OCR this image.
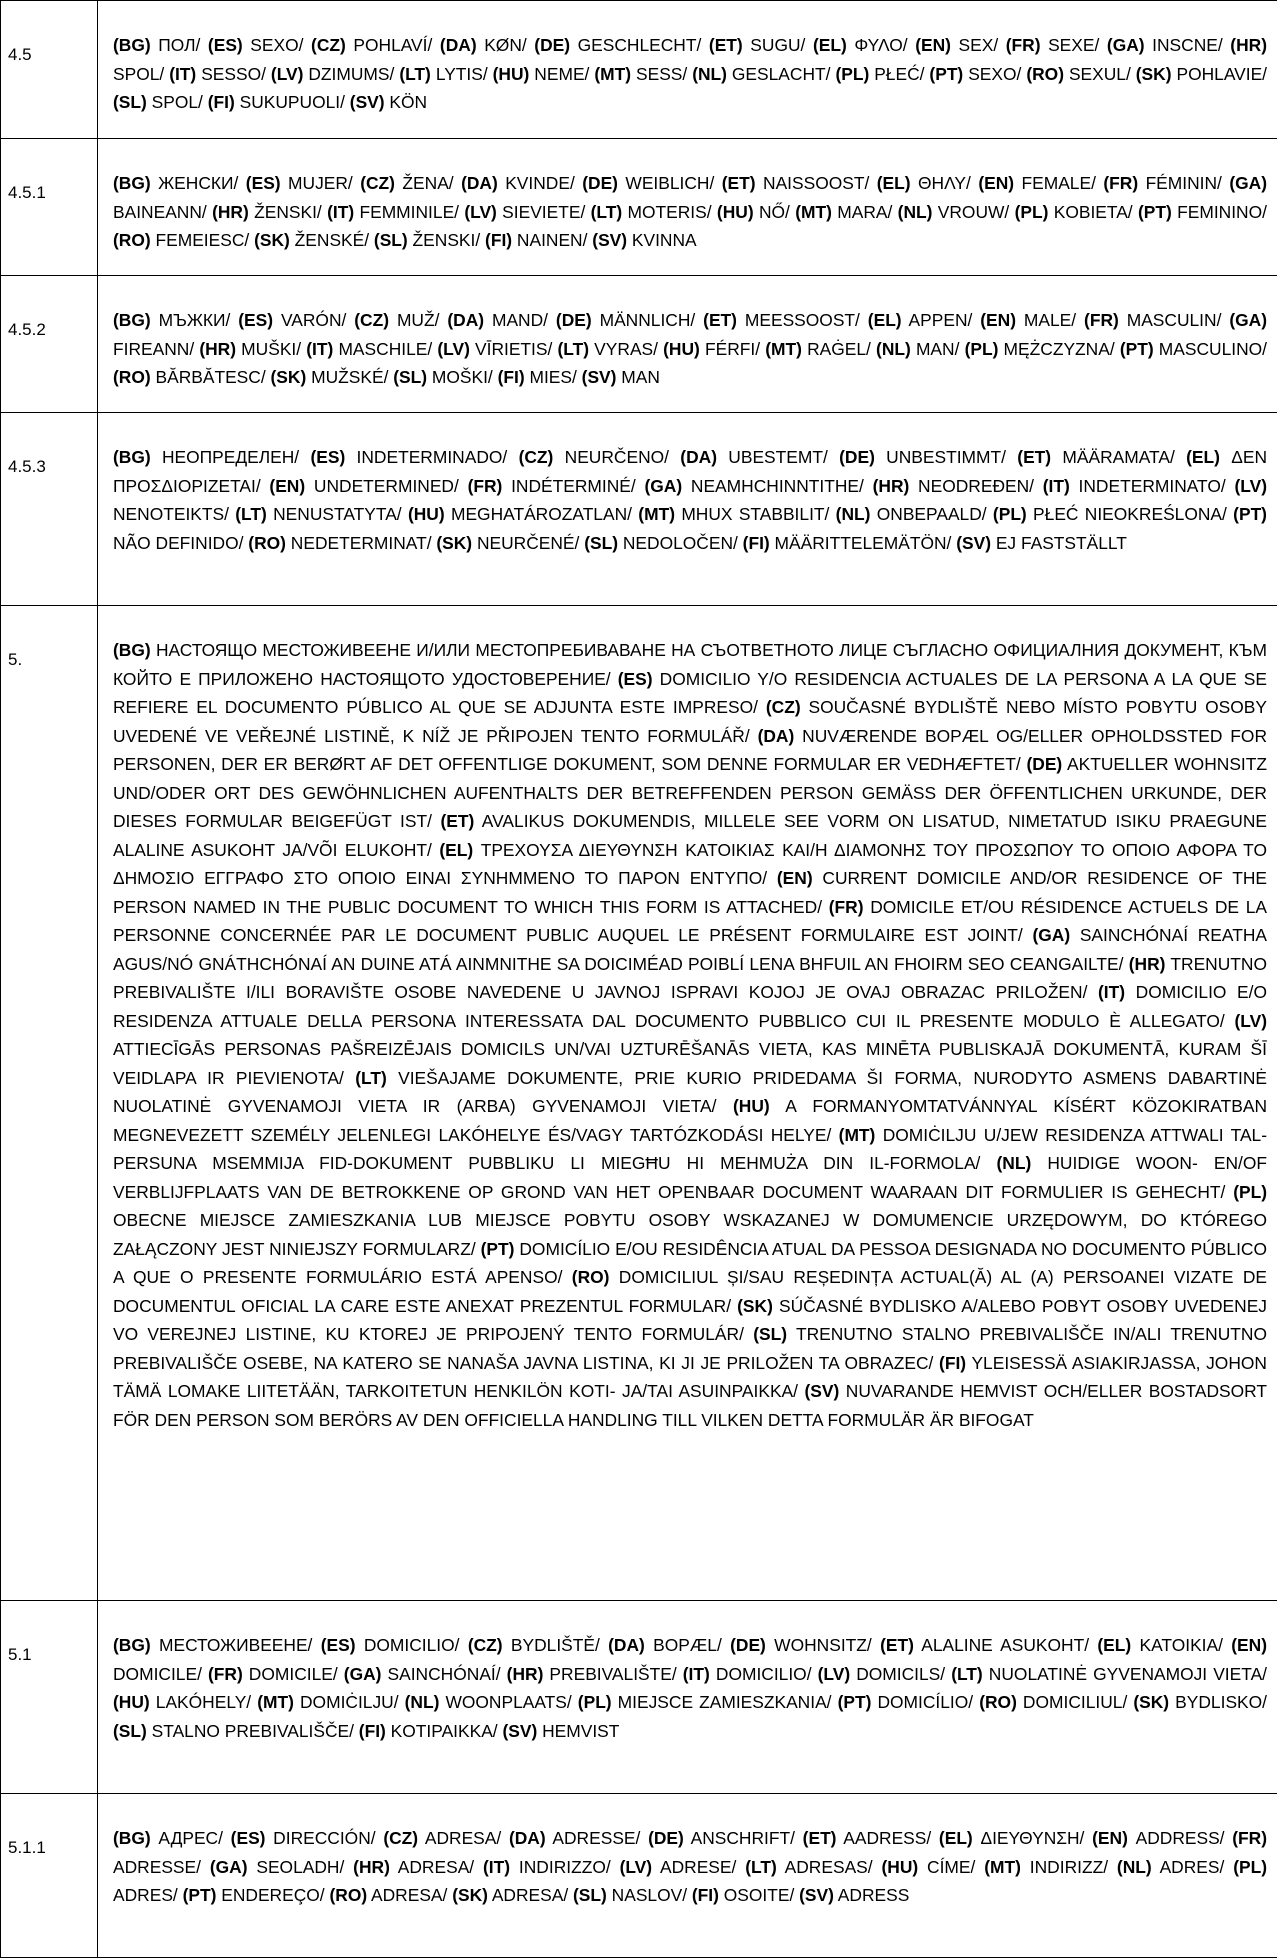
4.5	(BG) ПОЛ/ (ES) SEXO/ (CZ) POHLAVÍ/ (DA) KØN/ (DE) GESCHLECHT/ (ET) SUGU/ (EL) ΦΥΛΟ/ (EN) SEX/ (FR) SEXE/ (GA) INSCNE/ (HR) SPOL/ (IT) SESSO/ (LV) DZIMUMS/ (LT) LYTIS/ (HU) NEME/ (MT) SESS/ (NL) GESLACHT/ (PL) PŁEĆ/ (PT) SEXO/ (RO) SEXUL/ (SK) POHLAVIE/ (SL) SPOL/ (FI) SUKUPUOLI/ (SV) KÖN
4.5.1	(BG) ЖЕНСКИ/ (ES) MUJER/ (CZ) ŽENA/ (DA) KVINDE/ (DE) WEIBLICH/ (ET) NAISSOOST/ (EL) ΘΗΛΥ/ (EN) FEMALE/ (FR) FÉMININ/ (GA) BAINEANN/ (HR) ŽENSKI/ (IT) FEMMINILE/ (LV) SIEVIETE/ (LT) MOTERIS/ (HU) NŐ/ (MT) MARA/ (NL) VROUW/ (PL) KOBIETA/ (PT) FEMININO/ (RO) FEMEIESC/ (SK) ŽENSKÉ/ (SL) ŽENSKI/ (FI) NAINEN/ (SV) KVINNA
4.5.2	(BG) МЪЖКИ/ (ES) VARÓN/ (CZ) MUŽ/ (DA) MAND/ (DE) MÄNNLICH/ (ET) MEESSOOST/ (EL) APPEN/ (EN) MALE/ (FR) MASCULIN/ (GA) FIREANN/ (HR) MUŠKI/ (IT) MASCHILE/ (LV) VĪRIETIS/ (LT) VYRAS/ (HU) FÉRFI/ (MT) RAĠEL/ (NL) MAN/ (PL) MĘŻCZYZNA/ (PT) MASCULINO/ (RO) BĂRBĂTESC/ (SK) MUŽSKÉ/ (SL) MOŠKI/ (FI) MIES/ (SV) MAN
4.5.3	(BG) НЕОПРЕДЕЛЕН/ (ES) INDETERMINADO/ (CZ) NEURČENO/ (DA) UBESTEMT/ (DE) UNBESTIMMT/ (ET) MÄÄRAMATA/ (EL) ΔΕΝ ΠΡΟΣΔΙΟΡΙΖΕΤΑΙ/ (EN) UNDETERMINED/ (FR) INDÉTERMINÉ/ (GA) NEAMHCHINNTITHE/ (HR) NEODREĐEN/ (IT) INDETERMINATO/ (LV) NENOTEIKTS/ (LT) NENUSTATYTA/ (HU) MEGHATÁROZATLAN/ (MT) MHUX STABBILIT/ (NL) ONBEPAALD/ (PL) PŁEĆ NIEOKREŚLONA/ (PT) NÃO DEFINIDO/ (RO) NEDETERMINAT/ (SK) NEURČENÉ/ (SL) NEDOLOČEN/ (FI) MÄÄRITTELEMÄTÖN/ (SV) EJ FASTSTÄLLT
5.	(BG) НАСТОЯЩО МЕСТОЖИВЕЕНЕ И/ИЛИ МЕСТОПРЕБИВАВАНЕ НА СЪОТВЕТНОТО ЛИЦЕ СЪГЛАСНО ОФИЦИАЛНИЯ ДОКУМЕНТ, КЪМ КОЙТО Е ПРИЛОЖЕНО НАСТОЯЩОТО УДОСТОВЕРЕНИЕ/ (ES) DOMICILIO Y/O RESIDENCIA ACTUALES DE LA PERSONA A LA QUE SE REFIERE EL DOCUMENTO PÚBLICO AL QUE SE ADJUNTA ESTE IMPRESO/ (CZ) SOUČASNÉ BYDLIŠTĚ NEBO MÍSTO POBYTU OSOBY UVEDENÉ VE VEŘEJNÉ LISTINĚ, K NÍŽ JE PŘIPOJEN TENTO FORMULÁŘ/ (DA) NUVÆRENDE BOPÆL OG/ELLER OPHOLDSSTED FOR PERSONEN, DER ER BERØRT AF DET OFFENTLIGE DOKUMENT, SOM DENNE FORMULAR ER VEDHÆFTET/ (DE) AKTUELLER WOHNSITZ UND/ODER ORT DES GEWÖHNLICHEN AUFENTHALTS DER BETREFFENDEN PERSON GEMÄSS DER ÖFFENTLICHEN URKUNDE, DER DIESES FORMULAR BEIGEFÜGT IST/ (ET) AVALIKUS DOKUMENDIS, MILLELE SEE VORM ON LISATUD, NIMETATUD ISIKU PRAEGUNE ALALINE ASUKOHT JA/VÕI ELUKOHT/ (EL) ΤΡΕΧΟΥΣΑ ΔΙΕΥΘΥΝΣΗ ΚΑΤΟΙΚΙΑΣ ΚΑΙ/Η ΔΙΑΜΟΝΗΣ ΤΟΥ ΠΡΟΣΩΠΟΥ ΤΟ ΟΠΟΙΟ ΑΦΟΡΑ ΤΟ ΔΗΜΟΣΙΟ ΕΓΓΡΑΦΟ ΣΤΟ ΟΠΟΙΟ ΕΙΝΑΙ ΣΥΝΗΜΜΕΝΟ ΤΟ ΠΑΡΟΝ ΕΝΤΥΠΟ/ (EN) CURRENT DOMICILE AND/OR RESIDENCE OF THE PERSON NAMED IN THE PUBLIC DOCUMENT TO WHICH THIS FORM IS ATTACHED/ (FR) DOMICILE ET/OU RÉSIDENCE ACTUELS DE LA PERSONNE CONCERNÉE PAR LE DOCUMENT PUBLIC AUQUEL LE PRÉSENT FORMULAIRE EST JOINT/ (GA) SAINCHÓNAÍ REATHA AGUS/NÓ GNÁTHCHÓNAÍ AN DUINE ATÁ AINMNITHE SA DOICIMÉAD POIBLÍ LENA BHFUIL AN FHOIRM SEO CEANGAILTE/ (HR) TRENUTNO PREBIVALIŠTE I/ILI BORAVIŠTE OSOBE NAVEDENE U JAVNOJ ISPRAVI KOJOJ JE OVAJ OBRAZAC PRILOŽEN/ (IT) DOMICILIO E/O RESIDENZA ATTUALE DELLA PERSONA INTERESSATA DAL DOCUMENTO PUBBLICO CUI IL PRESENTE MODULO È ALLEGATO/ (LV) ATTIECĪGĀS PERSONAS PAŠREIZĒJAIS DOMICILS UN/VAI UZTURĒŠANĀS VIETA, KAS MINĒTA PUBLISKAJĀ DOKUMENTĀ, KURAM ŠĪ VEIDLAPA IR PIEVIENOTA/ (LT) VIEŠAJAME DOKUMENTE, PRIE KURIO PRIDEDAMA ŠI FORMA, NURODYTO ASMENS DABARTINĖ NUOLATINĖ GYVENAMOJI VIETA IR (ARBA) GYVENAMOJI VIETA/ (HU) A FORMANYOMTATVÁNNYAL KÍSÉRT KÖZOKIRATBAN MEGNEVEZETT SZEMÉLY JELENLEGI LAKÓHELYE ÉS/VAGY TARTÓZKODÁSI HELYE/ (MT) DOMIĊILJU U/JEW RESIDENZA ATTWALI TAL-PERSUNA MSEMMIJA FID-DOKUMENT PUBBLIKU LI MIEGĦU HI MEHMUŻA DIN IL-FORMOLA/ (NL) HUIDIGE WOON- EN/OF VERBLIJFPLAATS VAN DE BETROKKENE OP GROND VAN HET OPENBAAR DOCUMENT WAARAAN DIT FORMULIER IS GEHECHT/ (PL) OBECNE MIEJSCE ZAMIESZKANIA LUB MIEJSCE POBYTU OSOBY WSKAZANEJ W DOMUMENCIE URZĘDOWYM, DO KTÓREGO ZAŁĄCZONY JEST NINIEJSZY FORMULARZ/ (PT) DOMICÍLIO E/OU RESIDÊNCIA ATUAL DA PESSOA DESIGNADA NO DOCUMENTO PÚBLICO A QUE O PRESENTE FORMULÁRIO ESTÁ APENSO/ (RO) DOMICILIUL ȘI/SAU REȘEDINȚA ACTUAL(Ă) AL (A) PERSOANEI VIZATE DE DOCUMENTUL OFICIAL LA CARE ESTE ANEXAT PREZENTUL FORMULAR/ (SK) SÚČASNÉ BYDLISKO A/ALEBO POBYT OSOBY UVEDENEJ VO VEREJNEJ LISTINE, KU KTOREJ JE PRIPOJENÝ TENTO FORMULÁR/ (SL) TRENUTNO STALNO PREBIVALIŠČE IN/ALI TRENUTNO PREBIVALIŠČE OSEBE, NA KATERO SE NANAŠA JAVNA LISTINA, KI JI JE PRILOŽEN TA OBRAZEC/ (FI) YLEISESSÄ ASIAKIRJASSA, JOHON TÄMÄ LOMAKE LIITETÄÄN, TARKOITETUN HENKILÖN KOTI- JA/TAI ASUINPAIKKA/ (SV) NUVARANDE HEMVIST OCH/ELLER BOSTADSORT FÖR DEN PERSON SOM BERÖRS AV DEN OFFICIELLA HANDLING TILL VILKEN DETTA FORMULÄR ÄR BIFOGAT
5.1	(BG) МЕСТОЖИВЕЕНЕ/ (ES) DOMICILIO/ (CZ) BYDLIŠTĚ/ (DA) BOPÆL/ (DE) WOHNSITZ/ (ET) ALALINE ASUKOHT/ (EL) KATOIKIA/ (EN) DOMICILE/ (FR) DOMICILE/ (GA) SAINCHÓNAÍ/ (HR) PREBIVALIŠTE/ (IT) DOMICILIO/ (LV) DOMICILS/ (LT) NUOLATINĖ GYVENAMOJI VIETA/ (HU) LAKÓHELY/ (MT) DOMIĊILJU/ (NL) WOONPLAATS/ (PL) MIEJSCE ZAMIESZKANIA/ (PT) DOMICÍLIO/ (RO) DOMICILIUL/ (SK) BYDLISKO/ (SL) STALNO PREBIVALIŠČE/ (FI) KOTIPAIKKA/ (SV) HEMVIST
5.1.1	(BG) АДРЕС/ (ES) DIRECCIÓN/ (CZ) ADRESA/ (DA) ADRESSE/ (DE) ANSCHRIFT/ (ET) AADRESS/ (EL) ΔΙΕΥΘΥΝΣΗ/ (EN) ADDRESS/ (FR) ADRESSE/ (GA) SEOLADH/ (HR) ADRESA/ (IT) INDIRIZZO/ (LV) ADRESE/ (LT) ADRESAS/ (HU) CÍME/ (MT) INDIRIZZ/ (NL) ADRES/ (PL) ADRES/ (PT) ENDEREÇO/ (RO) ADRESA/ (SK) ADRESA/ (SL) NASLOV/ (FI) OSOITE/ (SV) ADRESS
